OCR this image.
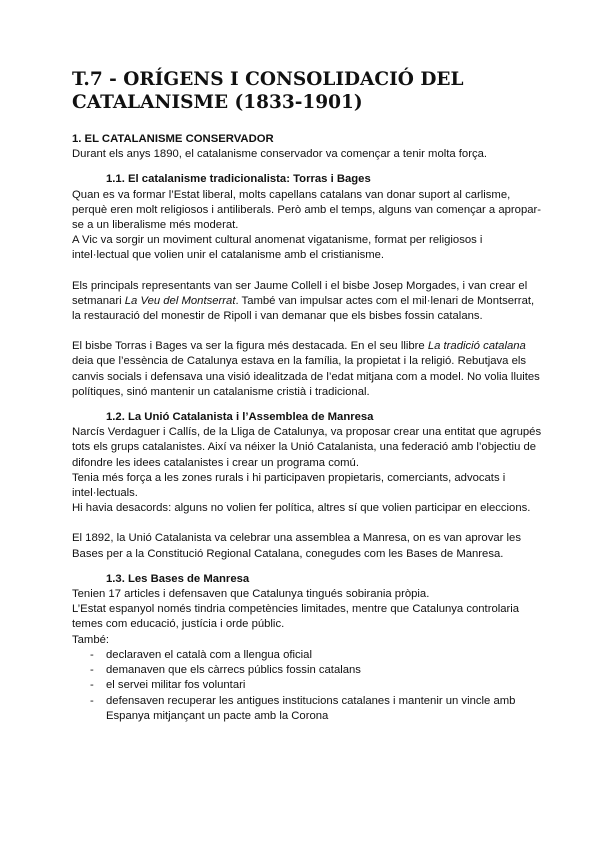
T.7 - ORÍGENS I CONSOLIDACIÓ DEL CATALANISME (1833-1901)

1. EL CATALANISME CONSERVADOR

Durant els anys 1890, el catalanisme conservador va començar a tenir molta força.

1.1. El catalanisme tradicionalista: Torras i Bages

Quan es va formar l’Estat liberal, molts capellans catalans van donar suport al carlisme, perquè eren molt religiosos i antiliberals. Però amb el temps, alguns van començar a apropar-se a un liberalisme més moderat.

A Vic va sorgir un moviment cultural anomenat vigatanisme, format per religiosos i intel·lectual que volien unir el catalanisme amb el cristianisme.

Els principals representants van ser Jaume Collell i el bisbe Josep Morgades, i van crear el setmanari La Veu del Montserrat. També van impulsar actes com el mil·lenari de Montserrat, la restauració del monestir de Ripoll i van demanar que els bisbes fossin catalans.

El bisbe Torras i Bages va ser la figura més destacada. En el seu llibre La tradició catalana deia que l’essència de Catalunya estava en la família, la propietat i la religió. Rebutjava els canvis socials i defensava una visió idealitzada de l’edat mitjana com a model. No volia lluites polítiques, sinó mantenir un catalanisme cristià i tradicional.

1.2. La Unió Catalanista i l’Assemblea de Manresa

Narcís Verdaguer i Callís, de la Lliga de Catalunya, va proposar crear una entitat que agrupés tots els grups catalanistes. Així va néixer la Unió Catalanista, una federació amb l’objectiu de difondre les idees catalanistes i crear un programa comú.

Tenia més força a les zones rurals i hi participaven propietaris, comerciants, advocats i intel·lectuals.

Hi havia desacords: alguns no volien fer política, altres sí que volien participar en eleccions.

El 1892, la Unió Catalanista va celebrar una assemblea a Manresa, on es van aprovar les Bases per a la Constitució Regional Catalana, conegudes com les Bases de Manresa.

1.3. Les Bases de Manresa

Tenien 17 articles i defensaven que Catalunya tingués sobirania pròpia.

L’Estat espanyol només tindria competències limitades, mentre que Catalunya controlaria temes com educació, justícia i orde públic.

També:

- declaraven el català com a llengua oficial
- demanaven que els càrrecs públics fossin catalans
- el servei militar fos voluntari
- defensaven recuperar les antigues institucions catalanes i mantenir un vincle amb Espanya mitjançant un pacte amb la Corona
